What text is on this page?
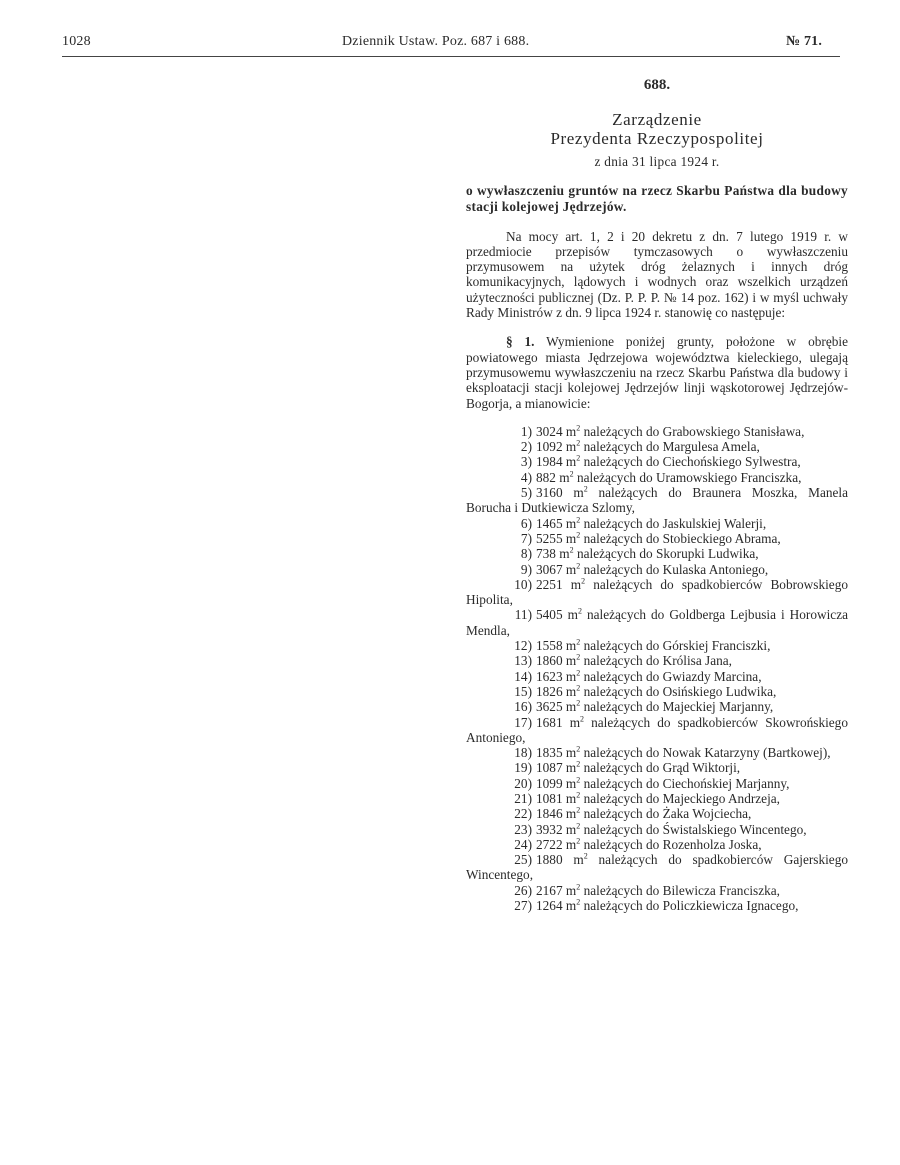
1028	Dziennik Ustaw. Poz. 687 i 688.	№ 71.
688.
Zarządzenie
Prezydenta Rzeczypospolitej
z dnia 31 lipca 1924 r.
o wywłaszczeniu gruntów na rzecz Skarbu Państwa dla budowy stacji kolejowej Jędrzejów.
Na mocy art. 1, 2 i 20 dekretu z dn. 7 lutego 1919 r. w przedmiocie przepisów tymczasowych o wywłaszczeniu przymusowem na użytek dróg żelaznych i innych dróg komunikacyjnych, lądowych i wodnych oraz wszelkich urządzeń użyteczności publicznej (Dz. P. P. P. № 14 poz. 162) i w myśl uchwały Rady Ministrów z dn. 9 lipca 1924 r. stanowię co następuje:
§ 1. Wymienione poniżej grunty, położone w obrębie powiatowego miasta Jędrzejowa województwa kieleckiego, ulegają przymusowemu wywłaszczeniu na rzecz Skarbu Państwa dla budowy i eksploatacji stacji kolejowej Jędrzejów linji wąskotorowej Jędrzejów-Bogorja, a mianowicie:
1) 3024 $m^2$ należących do Grabowskiego Stanisława,
2) 1092 $m^2$ należących do Margulesa Amela,
3) 1984 $m^2$ należących do Ciechońskiego Sylwestra,
4) 882 $m^2$ należących do Uramowskiego Franciszka,
5) 3160 $m^2$ należących do Braunera Moszka, Manela Borucha i Dutkiewicza Szlomy,
6) 1465 $m^2$ należących do Jaskulskiej Walerji,
7) 5255 $m^2$ należących do Stobieckiego Abrama,
8) 738 $m^2$ należących do Skorupki Ludwika,
9) 3067 $m^2$ należących do Kulaska Antoniego,
10) 2251 $m^2$ należących do spadkobierców Bobrowskiego Hipolita,
11) 5405 $m^2$ należących do Goldberga Lejbusia i Horowicza Mendla,
12) 1558 $m^2$ należących do Górskiej Franciszki,
13) 1860 $m^2$ należących do Królisa Jana,
14) 1623 $m^2$ należących do Gwiazdy Marcina,
15) 1826 $m^2$ należących do Osińskiego Ludwika,
16) 3625 $m^2$ należących do Majeckiej Marjanny,
17) 1681 $m^2$ należących do spadkobierców Skowrońskiego Antoniego,
18) 1835 $m^2$ należących do Nowak Katarzyny (Bartkowej),
19) 1087 $m^2$ należących do Grąd Wiktorji,
20) 1099 $m^2$ należących do Ciechońskiej Marjanny,
21) 1081 $m^2$ należących do Majeckiego Andrzeja,
22) 1846 $m^2$ należących do Żaka Wojciecha,
23) 3932 $m^2$ należących do Świstalskiego Wincentego,
24) 2722 $m^2$ należących do Rozenholza Joska,
25) 1880 $m^2$ należących do spadkobierców Gajerskiego Wincentego,
26) 2167 $m^2$ należących do Bilewicza Franciszka,
27) 1264 $m^2$ należących do Policzkiewicza Ignacego,
